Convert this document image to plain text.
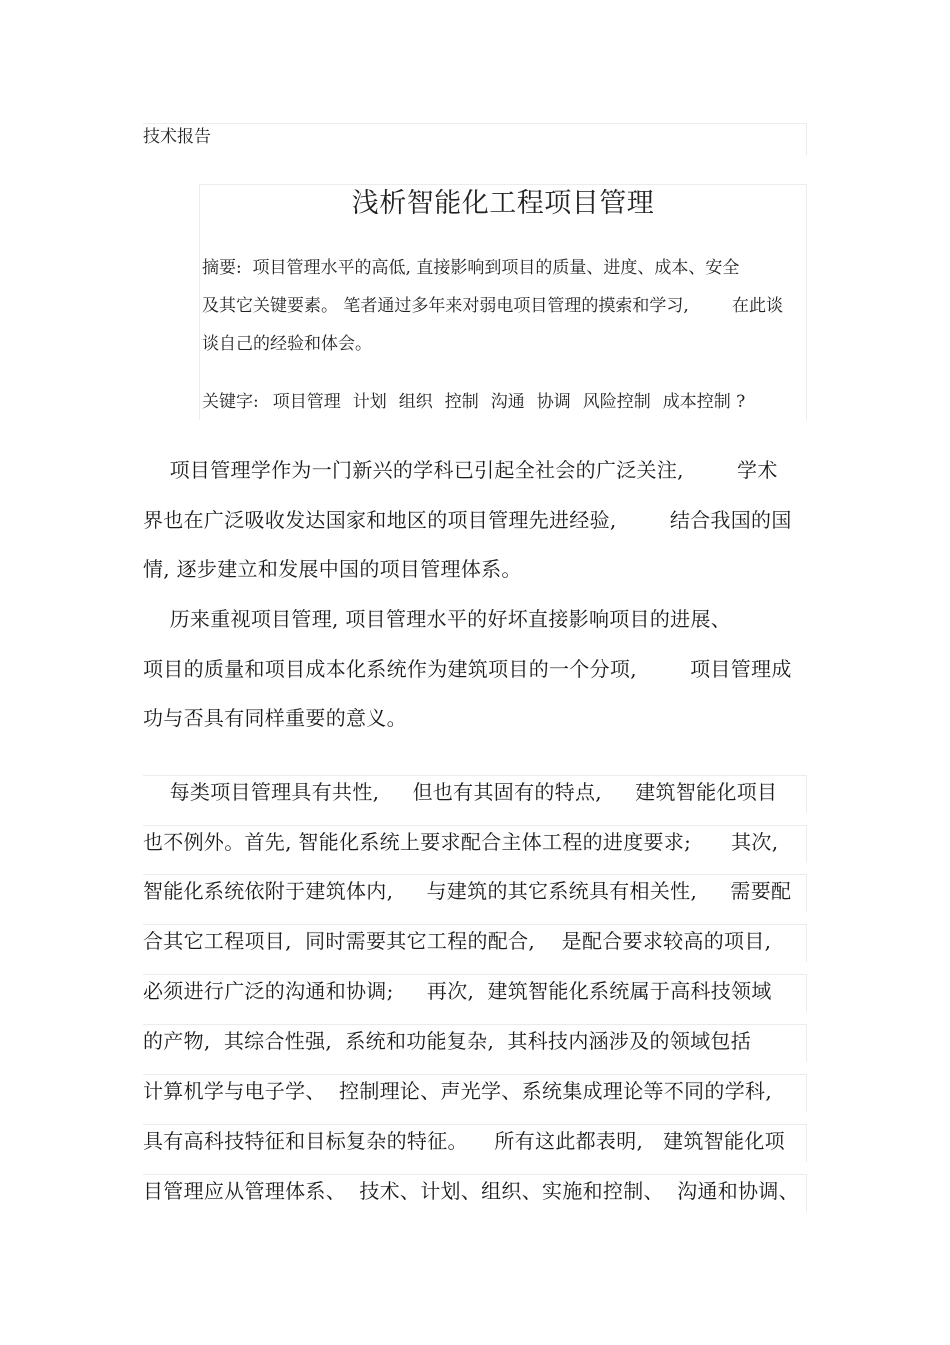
技术报告
浅析智能化工程项目管理
摘要:  项目管理水平的高低, 直接影响到项目的质量、进度、成本、安全
及其它关键要素。 笔者通过多年来对弱电项目管理的摸索和学习,        在此谈
谈自己的经验和体会。
关键字: 项目管理 计划 组织 控制 沟通 协调 风险控制 成本控制 ?
项目管理学作为一门新兴的学科已引起全社会的广泛关注,        学术
界也在广泛吸收发达国家和地区的项目管理先进经验,        结合我国的国
情, 逐步建立和发展中国的项目管理体系。
历来重视项目管理, 项目管理水平的好坏直接影响项目的进展、
项目的质量和项目成本化系统作为建筑项目的一个分项,        项目管理成
功与否具有同样重要的意义。
每类项目管理具有共性,     但也有其固有的特点,     建筑智能化项目
也不例外。首先, 智能化系统上要求配合主体工程的进度要求;      其次,
智能化系统依附于建筑体内,     与建筑的其它系统具有相关性,     需要配
合其它工程项目,  同时需要其它工程的配合,    是配合要求较高的项目,
必须进行广泛的沟通和协调;     再次,  建筑智能化系统属于高科技领域
的产物,  其综合性强,  系统和功能复杂,  其科技内涵涉及的领域包括
计算机学与电子学、  控制理论、声光学、系统集成理论等不同的学科,
具有高科技特征和目标复杂的特征。    所有这此都表明,   建筑智能化项
目管理应从管理体系、  技术、计划、组织、实施和控制、  沟通和协调、
